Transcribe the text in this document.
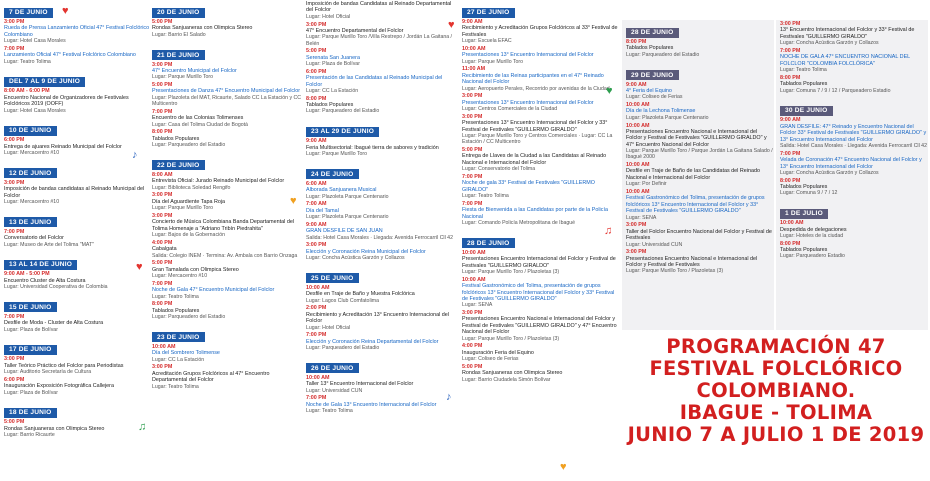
7 DE JUNIO
3:00 PM
Rueda de Prensa Lanzamiento Oficial 47° Festival Folclórico Colombiano
Lugar: Hotel Casa Morales
7:00 PM
Lanzamiento Oficial 47° Festival Folclórico Colombiano
Lugar: Teatro Tolima
DEL 7 AL 9 DE JUNIO
8:00 AM - 6:00 PM
Encuentro Nacional de Organizadores de Festivales Folclóricos 2019 (OOFF)
Lugar: Hotel Casa Morales
10 DE JUNIO
6:00 PM
Entrega de ajuares Reinado Municipal del Folclor
Lugar: Mercacentro #10
12 DE JUNIO
3:00 PM
Imposición de bandas candidatas al Reinado Municipal del Folclor
Lugar: Mercacentro #10
13 DE JUNIO
7:00 PM
Conversatorio del Folclor
Lugar: Museo de Arte del Tolima "MAT"
13 AL 14 DE JUNIO
9:00 AM - 5:00 PM
Encuentro Cluster de Alta Costura
Lugar: Universidad Cooperativa de Colombia
15 DE JUNIO
7:00 PM
Desfile de Moda - Cluster de Alta Costura
Lugar: Plaza de Bolívar
17 DE JUNIO
3:00 PM
Taller Teórico Práctico del Folclor para Periodistas
Lugar: Auditorio Secretaría de Cultura
6:00 PM
Inauguración Exposición Fotográfica Callejera
Lugar: Plaza de Bolívar
18 DE JUNIO
5:00 PM
Rondas Sanjuaneras con Olimpica Stereo
Lugar: Barrio Ricaurte
20 DE JUNIO
5:00 PM
Rondas Sanjuaneras con Olimpica Stereo
Lugar: Barrio El Salado
21 DE JUNIO
3:00 PM
47° Encuentro Municipal del Folclor
Lugar: Parque Murillo Toro
5:00 PM
Presentaciones de Danza 47° Encuentro Municipal del Folclor
Lugar: Plazoleta del MAT, Ricaurte, Salado CC La Estación y CC Multicentro
7:00 PM
Encuentro de las Colonias Tolimenses
Lugar: Casa del Tolima Ciudad de Bogotá
8:00 PM
Tablados Populares
Lugar: Parqueadero del Estadio
22 DE JUNIO
8:00 AM
Entrevista Oficial: Jurado Reinado Municipal del Folclor
Lugar: Biblioteca Soledad Rengifo
3:00 PM
Día del Aguardiente Tapa Roja
Lugar: Parque Murillo Toro
3:00 PM
Concierto de Música Colombiana Banda Departamental del Tolima Homenaje a "Adriano Tribín Piedrahita"
Lugar: Bajos de la Gobernación
4:00 PM
Cabalgata
Salida: Colegio INEM · Termina: Av. Ambala con Barrio Onzaga
5:00 PM
Gran Tamalada con Olimpica Stereo
Lugar: Mercacentro #10
7:00 PM
Noche de Gala 47° Encuentro Municipal del Folclor
Lugar: Teatro Tolima
8:00 PM
Tablados Populares
Lugar: Parqueadero del Estadio
23 DE JUNIO
10:00 AM
Día del Sombrero Tolimense
Lugar: CC La Estación
3:00 PM
Acreditación Grupos Folclóricos al 47° Encuentro Departamental del Folclor
Lugar: Teatro Tolima
Imposición de bandas Candidatas al Reinado Departamental del Folclor
Lugar: Hotel Oficial
3:00 PM
47° Encuentro Departamental del Folclor
Lugar: Parque Murillo Toro /Villa Restrepo / Jordán La Gaitana / Belén
5:00 PM
Serenata San Juanera
Lugar: Plaza de Bolívar
6:00 PM
Presentación de las Candidatas al Reinado Municipal del Folclor
Lugar: CC La Estación
8:00 PM
Tablados Populares
Lugar: Parqueadero del Estadio
23 AL 29 DE JUNIO
9:00 AM
Feria Multisectorial: Ibagué tierra de sabores y tradición
Lugar: Parque Murillo Toro
24 DE JUNIO
6:00 AM
Alborada Sanjuanera Musical
Lugar: Plazoleta Parque Centenario
7:00 AM
Día del Tamal
Lugar: Plazoleta Parque Centenario
9:00 AM
GRAN DESFILE DE SAN JUAN
Salida: Hotel Casa Morales · Llegada: Avenida Ferrocarril Cll 42
3:00 PM
Elección y Coronación Reina Municipal del Folclor
Lugar: Concha Acústica Garzón y Collazos
25 DE JUNIO
10:00 AM
Desfile en Traje de Baño y Muestra Folclórica
Lugar: Lagos Club Comfatolima
2:00 PM
Recibimiento y Acreditación 13° Encuentro Internacional del Folclor
Lugar: Hotel Oficial
7:00 PM
Elección y Coronación Reina Departamental del Folclor
Lugar: Parqueadero del Estadio
26 DE JUNIO
10:00 AM
Taller 13° Encuentro Internacional del Folclor
Lugar: Universidad CUN
7:00 PM
Noche de Gala 13° Encuentro Internacional del Folclor
Lugar: Teatro Tolima
27 DE JUNIO
9:00 AM
Recibimiento y Acreditación Grupos Folclóricos al 33° Festival de Festivales
Lugar: Escuela EFAC
10:00 AM
Presentaciones 13° Encuentro Internacional del Folclor
Lugar: Parque Murillo Toro
11:00 AM
Recibimiento de las Reinas participantes en el 47° Reinado Nacional del Folclor
Lugar: Aeropuerto Perales, Recorrido por avenidas de la Ciudad
3:00 PM
Presentaciones 13° Encuentro Internacional del Folclor
Lugar: Centros Comerciales de la Ciudad
3:00 PM
Presentaciones 13° Encuentro Internacional del Folclor y 33° Festival de Festivales "GUILLERMO GIRALDO"
Lugar: Parque Murillo Toro y Centros Comerciales · Lugar: CC La Estación / CC Multicentro
5:00 PM
Entrega de Llaves de la Ciudad a las Candidatas al Reinado Nacional e Internacional del Folclor
Lugar: Conservatorio del Tolima
7:00 PM
Noche de gala 33° Festival de Festivales "GUILLERMO GIRALDO"
Lugar: Teatro Tolima
7:00 PM
Fiesta de Bienvenida a las Candidatas por parte de la Policía Nacional
Lugar: Comando Policía Metropolitana de Ibagué
28 DE JUNIO
10:00 AM
Presentaciones Encuentro Internacional del Folclor y Festival de Festivales "GUILLERMO GIRALDO"
Lugar: Parque Murillo Toro / Plazoletas (3)
10:00 AM
Festival Gastronómico del Tolima, presentación de grupos folclóricos 13° Encuentro Internacional del Folclor y 33° Festival de Festivales "GUILLERMO GIRALDO"
Lugar: SENA
3:00 PM
Presentaciones Encuentro Nacional e Internacional del Folclor y Festival de Festivales "GUILLERMO GIRALDO" y 47° Encuentro Nacional del Folclor
Lugar: Parque Murillo Toro / Plazoletas (3)
4:00 PM
Inauguración Feria del Equino
Lugar: Coliseo de Ferias
5:00 PM
Rondas Sanjuaneras con Olimpica Stereo
Lugar: Barrio Ciudadela Simón Bolívar
28 DE JUNIO
8:00 PM
Tablados Populares
Lugar: Parqueadero del Estadio
29 DE JUNIO
9:00 AM
4° Feria del Equino
Lugar: Coliseo de Ferias
10:00 AM
Día de la Lechona Tolimense
Lugar: Plazoleta Parque Centenario
10:00 AM
Presentaciones Encuentro Nacional e Internacional del Folclor y Festival de Festivales "GUILLERMO GIRALDO" y 47° Encuentro Nacional del Folclor
Lugar: Parque Murillo Toro / Parque Jordán La Gaitana Salado / Ibagué 2000
10:00 AM
Desfile en Traje de Baño de las Candidatas del Reinado Nacional e Internacional del Folclor
Lugar: Por Definir
10:00 AM
Festival Gastronómico del Tolima, presentación de grupos folclóricos 13° Encuentro Internacional del Folclor y 33° Festival de Festivales "GUILLERMO GIRALDO"
Lugar: SENA
3:00 PM
Taller del Folclor Encuentro Nacional del Folclor y Festival de Festivales
Lugar: Universidad CUN
3:00 PM
Presentaciones Encuentro Nacional e Internacional del Folclor y Festival de Festivales
Lugar: Parque Murillo Toro / Plazoletas (3)
3:00 PM
13° Encuentro Internacional del Folclor y 33° Festival de Festivales "GUILLERMO GIRALDO"
Lugar: Concha Acústica Garzón y Collazos
7:00 PM
NOCHE DE GALA 47° ENCUENTRO NACIONAL DEL FOLCLOR "COLOMBIA FOLCLÓRICA"
Lugar: Teatro Tolima
8:00 PM
Tablados Populares
Lugar: Comuna 7 / 9 / 12 / Parqueadero Estadio
30 DE JUNIO
9:00 AM
GRAN DESFILE: 47° Reinado y Encuentro Nacional del Folclor 33° Festival de Festivales "GUILLERMO GIRALDO" y 13° Encuentro Internacional del Folclor
Salida: Hotel Casa Morales · Llegada: Avenida Ferrocarril Cll 42
7:00 PM
Velada de Coronación 47° Encuentro Nacional del Folclor y 13° Encuentro Internacional del Folclor
Lugar: Concha Acústica Garzón y Collazos
8:00 PM
Tablados Populares
Lugar: Comuna 9 / 7 / 12
1 DE JULIO
10:00 AM
Despedida de delegaciones
Lugar: Hoteles de la ciudad
8:00 PM
Tablados Populares
Lugar: Parqueadero Estadio
PROGRAMACIÓN 47
FESTIVAL FOLCLÓRICO
COLOMBIANO.
IBAGUE - TOLIMA
JUNIO 7 A JULIO 1 DE 2019
♥
♪
♥
♫
♥
♥
♪
♥
♫
♥
